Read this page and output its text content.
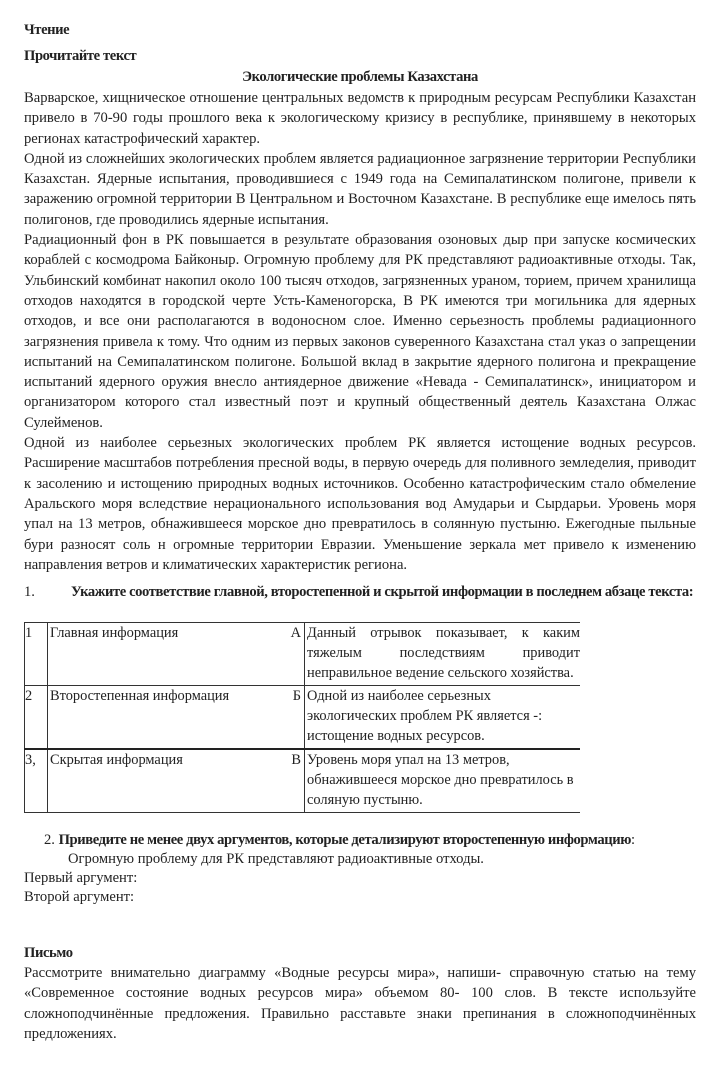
Чтение
Прочитайте текст
Экологические проблемы Казахстана

Варварское, хищническое отношение центральных ведомств к природным ресурсам Республики Казахстан привело в 70-90 годы прошлого века к экологическому кризису в республике, принявшему в некоторых регионах катастрофический характер.

Одной из сложнейших экологических проблем является радиационное загрязнение территории Республики Казахстан. Ядерные испытания, проводившиеся с 1949 года на Семипалатинском полигоне, привели к заражению огромной территории В Центральном и Восточном Казахстане. В республике еще имелось пять полигонов, где проводились ядерные испытания.

Радиационный фон в РК повышается в результате образования озоновых дыр при запуске космических кораблей с космодрома Байконыр. Огромную проблему для РК представляют радиоактивные отходы. Так, Ульбинский комбинат накопил около 100 тысяч отходов, загрязненных ураном, торием, причем хранилища отходов находятся в городской черте Усть-Каменогорска, В РК имеются три могильника для ядерных отходов, и все они располагаются в водоносном слое. Именно серьезность проблемы радиационного загрязнения привела к тому. Что одним из первых законов суверенного Казахстана стал указ о запрещении испытаний на Семипалатинском полигоне. Большой вклад в закрытие ядерного полигона и прекращение испытаний ядерного оружия внесло антиядерное движение «Невада - Семипалатинск», инициатором и организатором которого стал известный поэт и крупный общественный деятель Казахстана Олжас Сулейменов.

Одной из наиболее серьезных экологических проблем РК является истощение водных ресурсов. Расширение масштабов потребления пресной воды, в первую очередь для поливного земледелия, приводит к засолению и истощению природных водных источников. Особенно катастрофическим стало обмеление Аральского моря вследствие нерационального использования вод Амударьи и Сырдарьи. Уровень моря упал на 13 метров, обнажившееся морское дно превратилось в солянную пустыню. Ежегодные пыльные бури разносят соль н огромные территории Евразии. Уменьшение зеркала мет привело к изменению направления ветров и климатических характеристик региона.

1. Укажите соответствие главной, второстепенной и скрытой информации в последнем абзаце текста:
1	Главная информация	А	Данный отрывок показывает, к каким тяжелым последствиям приводит неправильное ведение сельского хозяйства.
2	Второстепенная информация	Б	Одной из наиболее серьезных экологических проблем РК является -: истощение водных ресурсов.
3,	Скрытая информация	В	Уровень моря упал на 13 метров, обнажившееся морское дно превратилось в соляную пустыню.
2. Приведите не менее двух аргументов, которые детализируют второстепенную информацию:
Огромную проблему для РК представляют радиоактивные отходы.
Первый аргумент:
Второй аргумент:
Письмо

Рассмотрите внимательно диаграмму «Водные ресурсы мира», напиши- справочную статью на тему «Современное состояние водных ресурсов мира» объемом 80- 100 слов. В тексте используйте сложноподчинённые предложения. Правильно расставьте знаки препинания в сложноподчинённых предложениях.
